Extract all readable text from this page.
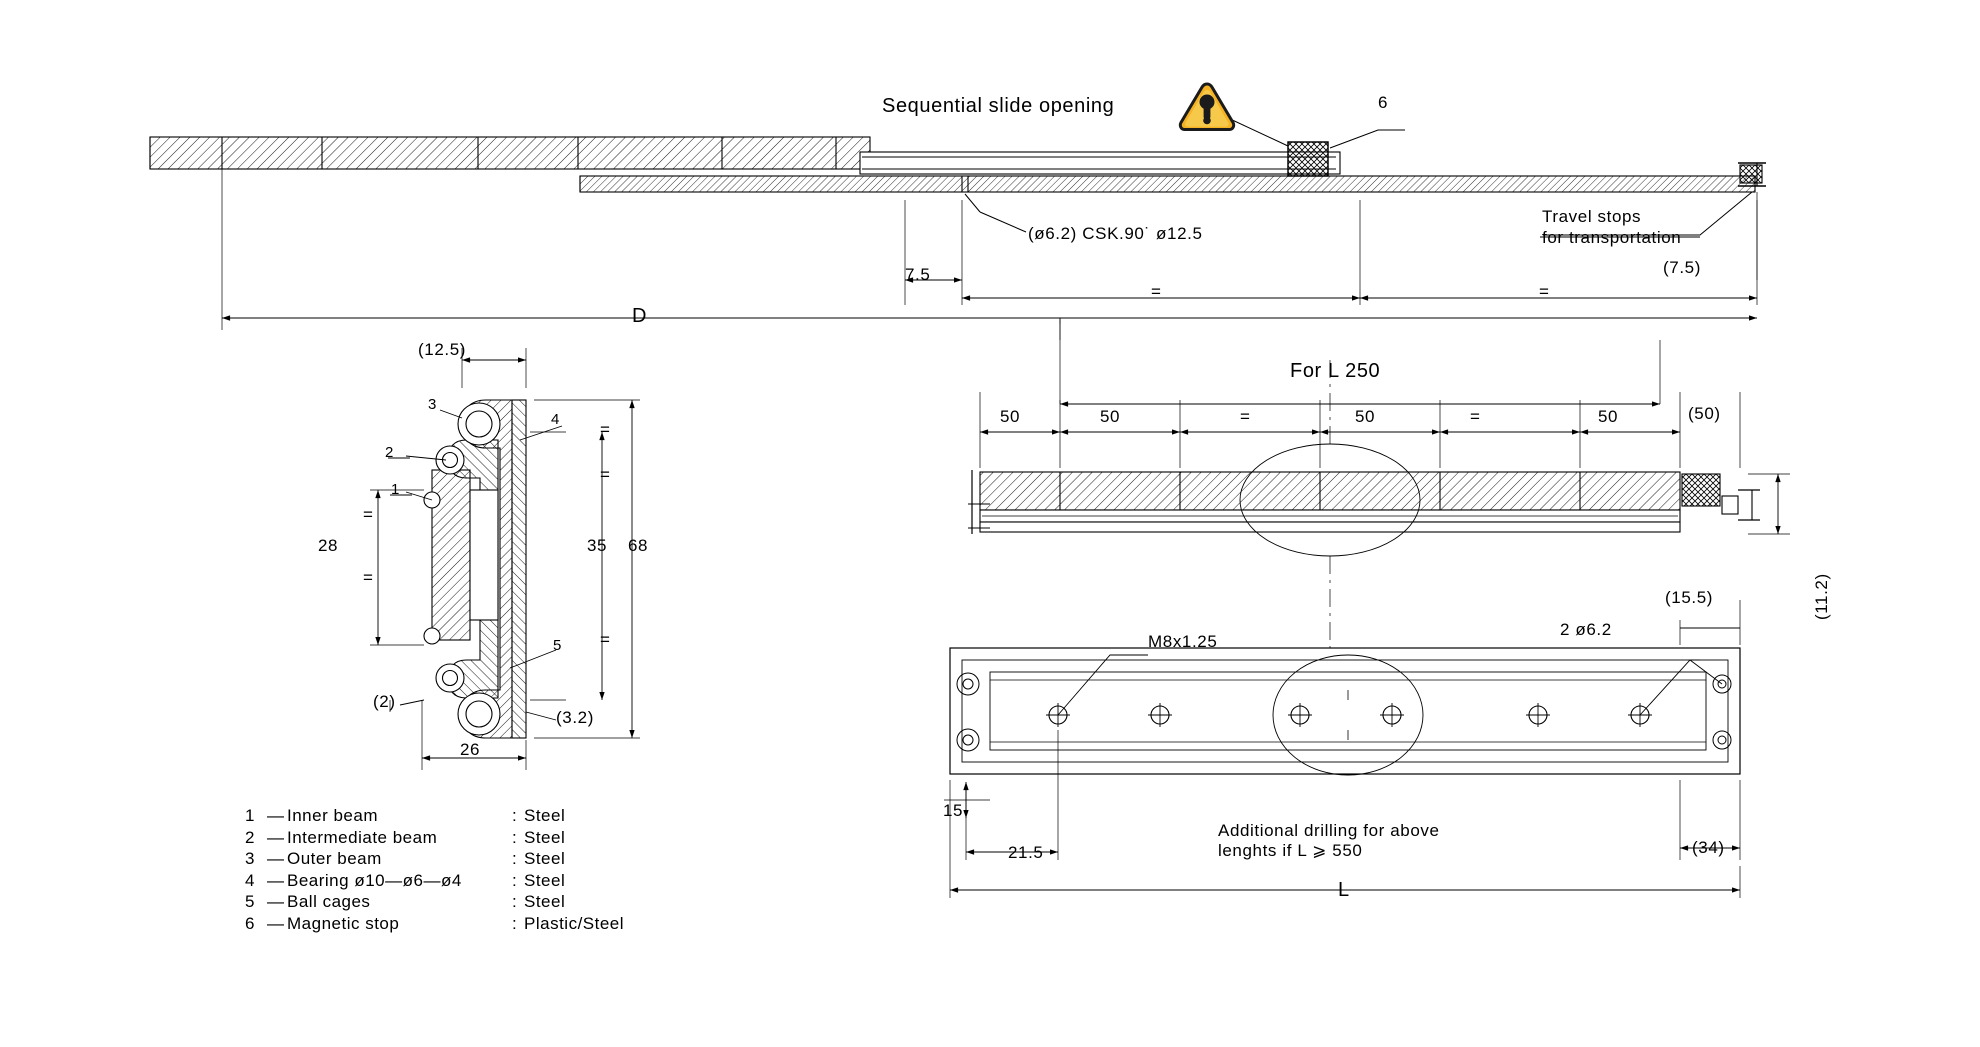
Sequential slide opening	6
(ø6.2) CSK.90˙ ø12.5
Travel stops
for transportation
7.5	(7.5)
=	=
D
(12.5)
3
4
2
1
5
28	35 68
(2)
(3.2)
26
=
=
=
=
=
For L 250
50	50	=	50	=	50	(50)
(11.2)
(15.5)
M8x1.25
2 ø6.2
Additional drilling for above
lenghts if L ⩾ 550
15
21.5	(34)
L
1 — Inner beam	: Steel
2 — Intermediate beam	: Steel
3 — Outer beam	: Steel
4 — Bearing ø10—ø6—ø4	: Steel
5 — Ball cages	: Steel
6 — Magnetic stop	: Plastic/Steel
